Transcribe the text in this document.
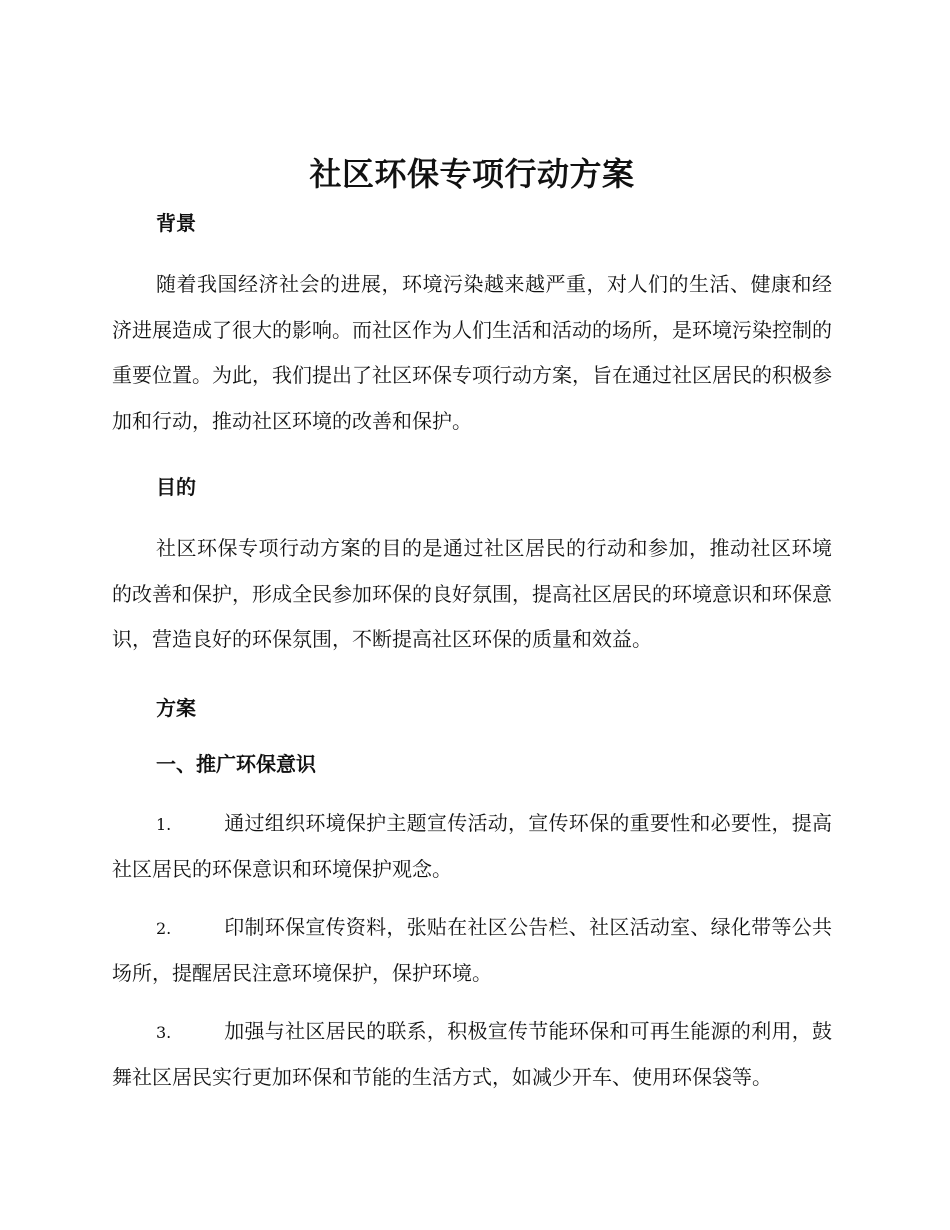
社区环保专项行动方案
背景

随着我国经济社会的进展，环境污染越来越严重，对人们的生活、健康和经济进展造成了很大的影响。而社区作为人们生活和活动的场所，是环境污染控制的重要位置。为此，我们提出了社区环保专项行动方案，旨在通过社区居民的积极参加和行动，推动社区环境的改善和保护。

目的

社区环保专项行动方案的目的是通过社区居民的行动和参加，推动社区环境的改善和保护，形成全民参加环保的良好氛围，提高社区居民的环境意识和环保意识，营造良好的环保氛围，不断提高社区环保的质量和效益。

方案
一、推广环保意识

1.	通过组织环境保护主题宣传活动，宣传环保的重要性和必要性，提高社区居民的环保意识和环境保护观念。

2.	印制环保宣传资料，张贴在社区公告栏、社区活动室、绿化带等公共场所，提醒居民注意环境保护，保护环境。

3.	加强与社区居民的联系，积极宣传节能环保和可再生能源的利用，鼓舞社区居民实行更加环保和节能的生活方式，如减少开车、使用环保袋等。
